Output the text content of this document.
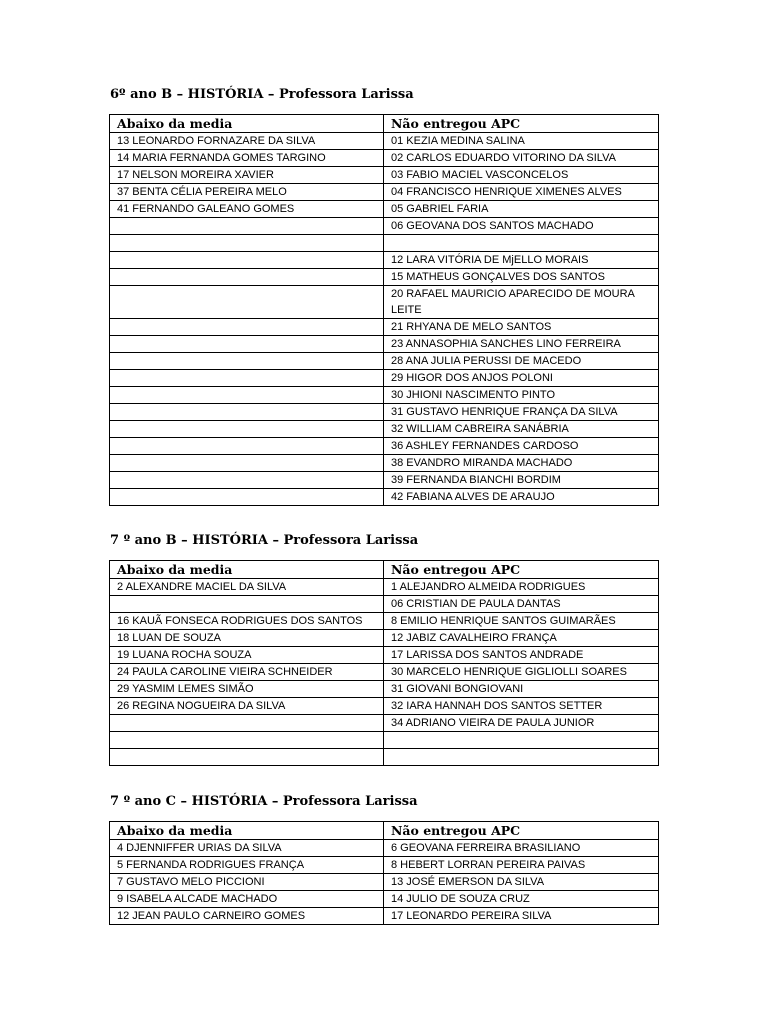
6º ano B – HISTÓRIA – Professora Larissa
Abaixo da media	Não entregou APC
13 LEONARDO FORNAZARE DA SILVA	01 KEZIA MEDINA SALINA
14 MARIA FERNANDA GOMES TARGINO	02 CARLOS EDUARDO VITORINO DA SILVA
17 NELSON MOREIRA XAVIER	03 FABIO MACIEL VASCONCELOS
37 BENTA CÉLIA PEREIRA MELO	04 FRANCISCO HENRIQUE XIMENES ALVES
41 FERNANDO GALEANO GOMES	05 GABRIEL FARIA
	06 GEOVANA DOS SANTOS MACHADO

	12 LARA VITÓRIA DE MjELLO MORAIS
	15 MATHEUS GONÇALVES DOS SANTOS
	20 RAFAEL MAURICIO APARECIDO DE MOURA LEITE
	21 RHYANA DE MELO SANTOS
	23 ANNASOPHIA SANCHES LINO FERREIRA
	28 ANA JULIA PERUSSI DE MACEDO
	29 HIGOR DOS ANJOS POLONI
	30 JHIONI NASCIMENTO PINTO
	31 GUSTAVO HENRIQUE FRANÇA DA SILVA
	32 WILLIAM CABREIRA SANÁBRIA
	36 ASHLEY FERNANDES CARDOSO
	38 EVANDRO MIRANDA MACHADO
	39 FERNANDA BIANCHI BORDIM
	42 FABIANA ALVES DE ARAUJO
7 º ano B – HISTÓRIA – Professora Larissa
Abaixo da media	Não entregou APC
2 ALEXANDRE MACIEL DA SILVA	1 ALEJANDRO ALMEIDA RODRIGUES
	06 CRISTIAN DE PAULA DANTAS
16 KAUÃ FONSECA RODRIGUES DOS SANTOS	8 EMILIO HENRIQUE SANTOS GUIMARÃES
18 LUAN DE SOUZA	12 JABIZ CAVALHEIRO FRANÇA
19 LUANA ROCHA SOUZA	17 LARISSA DOS SANTOS ANDRADE
24 PAULA CAROLINE VIEIRA SCHNEIDER	30 MARCELO HENRIQUE GIGLIOLLI SOARES
29 YASMIM LEMES SIMÃO	31 GIOVANI BONGIOVANI
26 REGINA NOGUEIRA DA SILVA	32 IARA HANNAH DOS SANTOS SETTER
	34 ADRIANO VIEIRA DE PAULA JUNIOR

7 º ano C – HISTÓRIA – Professora Larissa
Abaixo da media	Não entregou APC
4 DJENNIFFER URIAS DA SILVA	6 GEOVANA FERREIRA BRASILIANO
5 FERNANDA RODRIGUES FRANÇA	8 HEBERT LORRAN PEREIRA PAIVAS
7 GUSTAVO MELO PICCIONI	13 JOSÉ EMERSON DA SILVA
9 ISABELA ALCADE MACHADO	14 JULIO DE SOUZA CRUZ
12 JEAN PAULO CARNEIRO GOMES	17 LEONARDO PEREIRA SILVA
